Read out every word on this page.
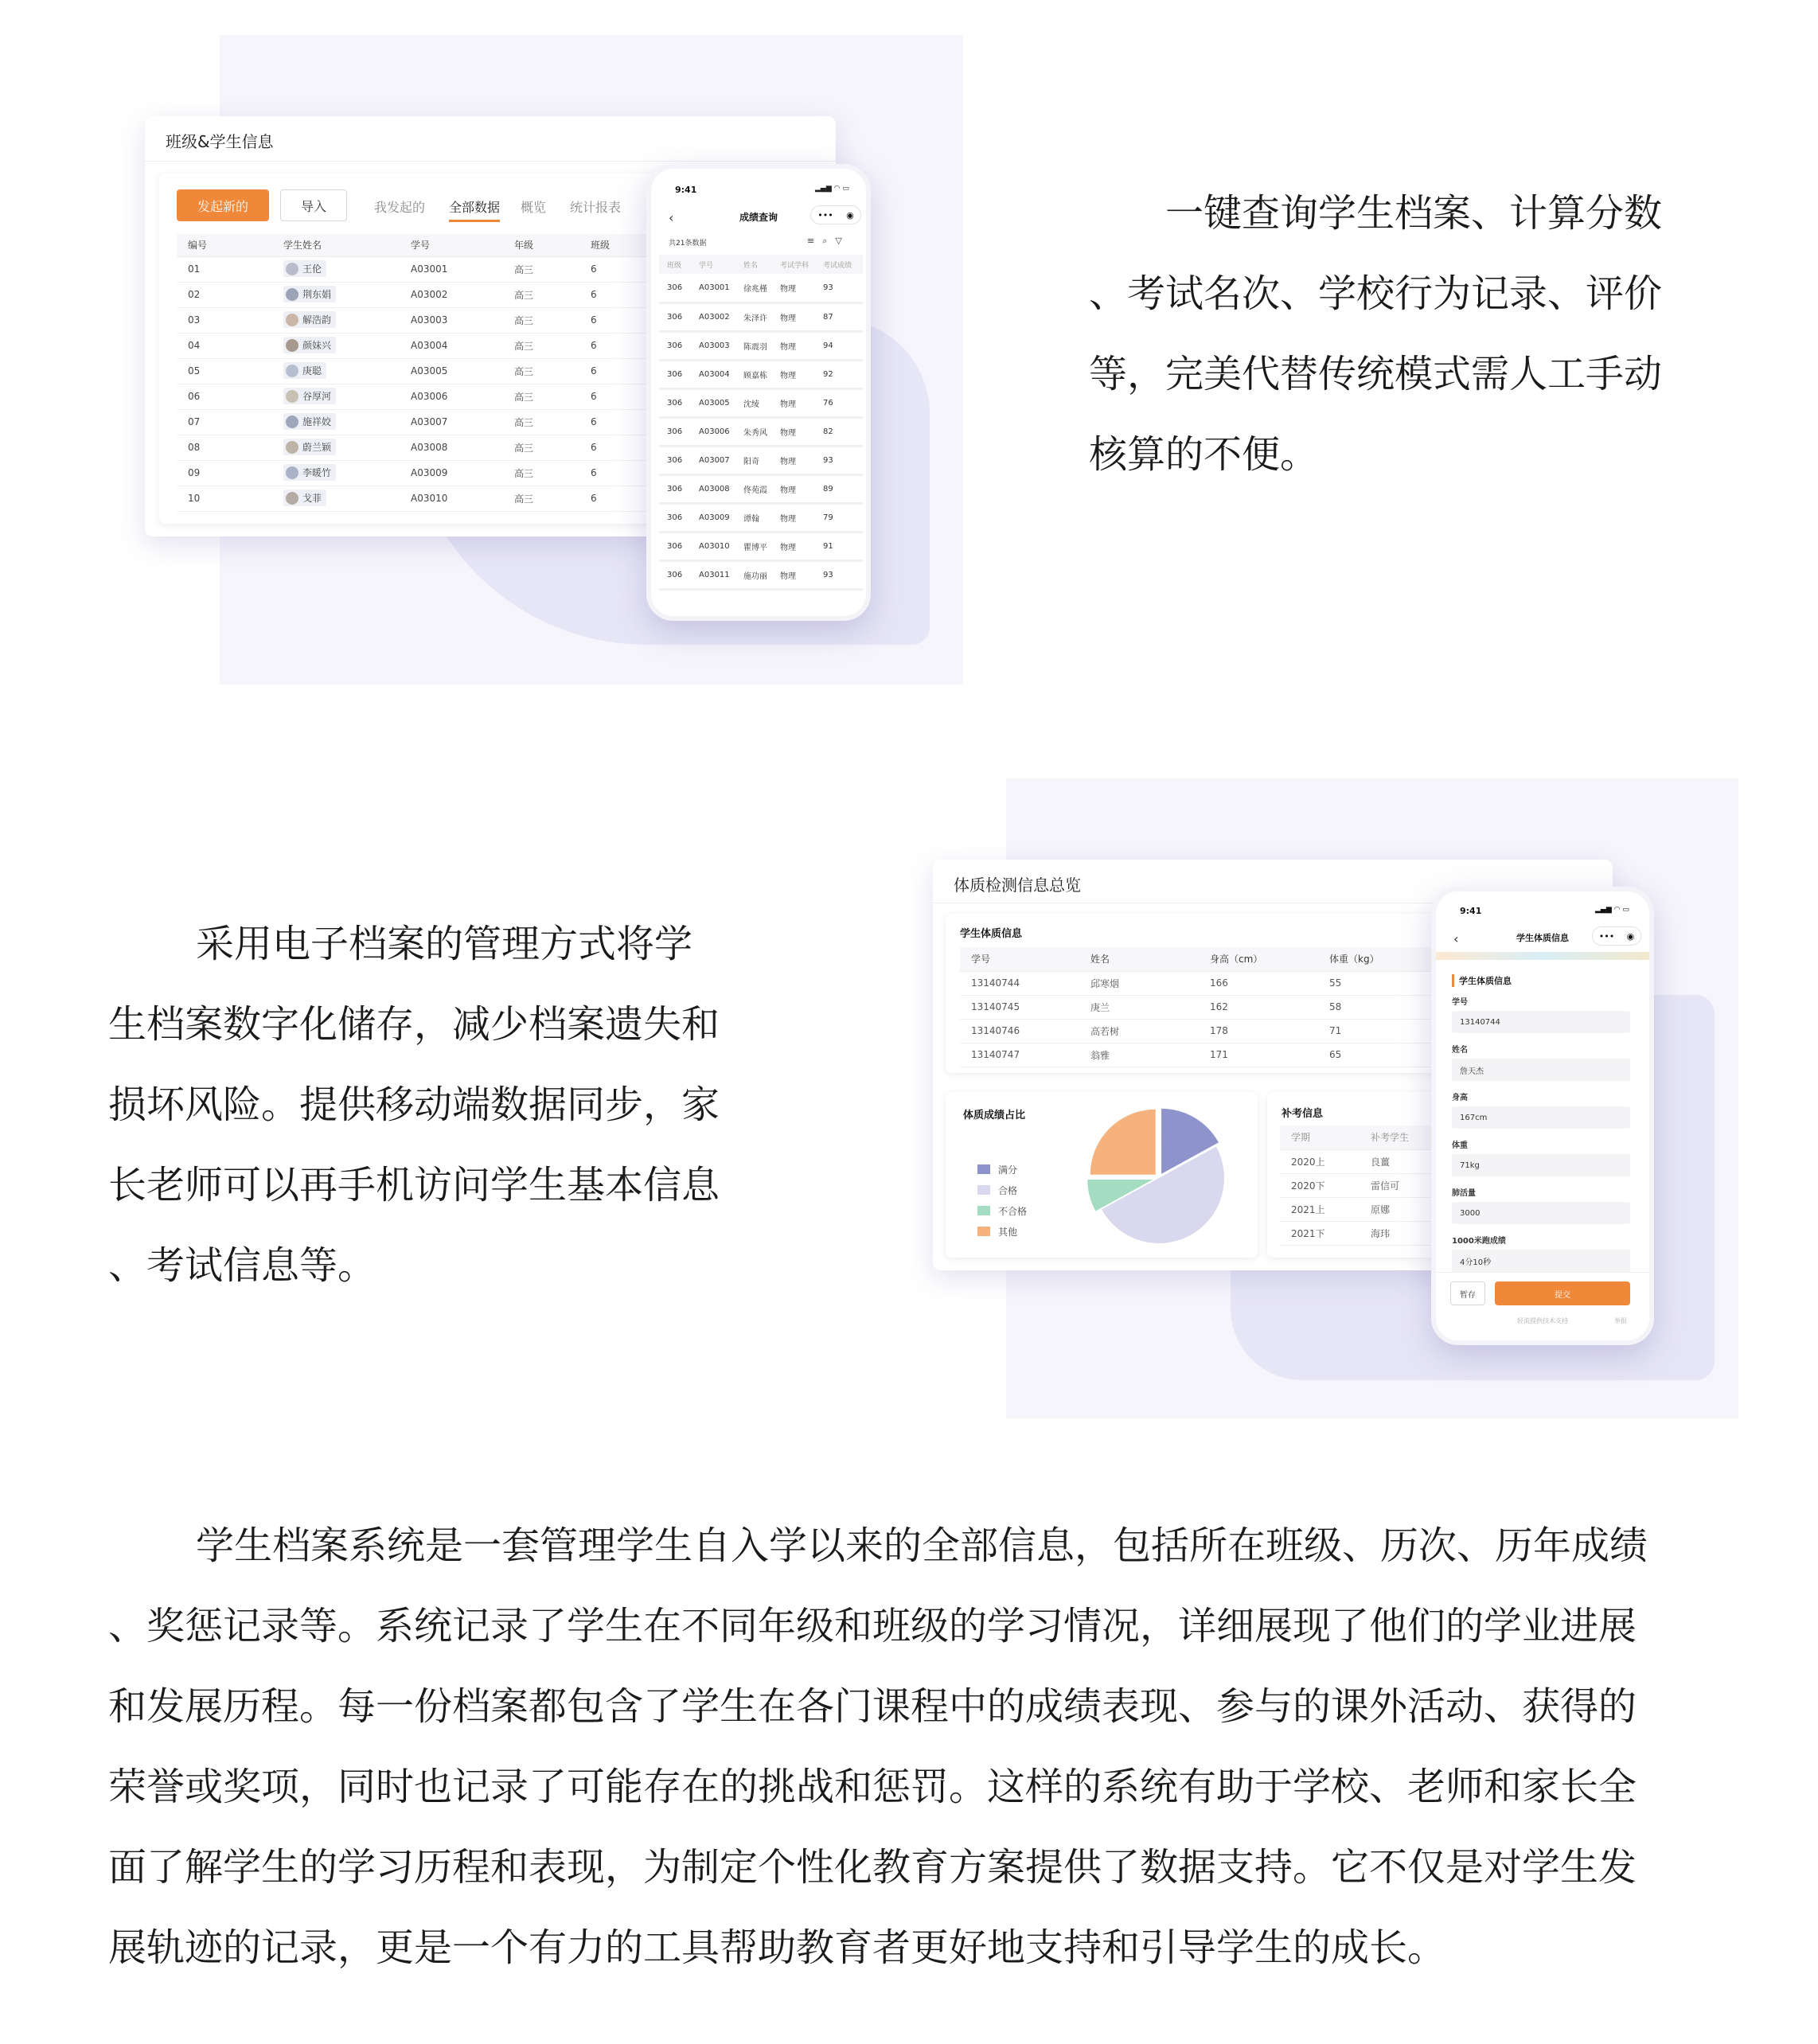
班级&学生信息
发起新的	导入	我发起的 全部数据 概览 统计报表
编号	学生姓名	学号	年级	班级
01	王伦	A03001	高三	6
02	荆东娟	A03002	高三	6
03	解浩韵	A03003	高三	6
04	颜妹兴	A03004	高三	6
05	庚聪	A03005	高三	6
06	谷厚河	A03006	高三	6
07	施祥姣	A03007	高三	6
08	蔚兰颖	A03008	高三	6
09	李暖竹	A03009	高三	6
10	戈菲	A03010	高三	6
9:41	▂▄▆ ◠ ▭
‹	成绩查询	••• ◉
共21条数据	≡ ⌕ ▽
班级	学号	姓名	考试学科	考试成绩
306	A03001	徐兆槿	物理	93
306	A03002	朱泽许	物理	87
306	A03003	陈震羽	物理	94
306	A03004	顾嘉栋	物理	92
306	A03005	沈绫	物理	76
306	A03006	朱秀风	物理	82
306	A03007	阳奇	物理	93
306	A03008	佟苑霞	物理	89
306	A03009	谭翰	物理	79
306	A03010	瞿博平	物理	91
306	A03011	施功丽	物理	93
一键查询学生档案、计算分数
、考试名次、学校行为记录、评价
等，完美代替传统模式需人工手动
核算的不便。
采用电子档案的管理方式将学
生档案数字化储存，减少档案遗失和
损坏风险。提供移动端数据同步，家
长老师可以再手机访问学生基本信息
、考试信息等。
体质检测信息总览
学生体质信息
学号	姓名	身高（cm）	体重（kg）
13140744	邱寒烟	166	55
13140745	庚兰	162	58
13140746	高若树	178	71
13140747	翁雅	171	65
体质成绩占比
满分
合格
不合格
其他
补考信息
学期	补考学生
2020上	良薑
2020下	雷信可
2021上	原娜
2021下	海玮
9:41	▂▄▆ ◠ ▭
‹	学生体质信息	••• ◉
学生体质信息
学号
13140744
姓名
詹天杰
身高
167cm
体重
71kg
肺活量
3000
1000米跑成绩
4分10秒
暂存	提交
轻流提供技术支持	举报
学生档案系统是一套管理学生自入学以来的全部信息，包括所在班级、历次、历年成绩
、奖惩记录等。系统记录了学生在不同年级和班级的学习情况，详细展现了他们的学业进展
和发展历程。每一份档案都包含了学生在各门课程中的成绩表现、参与的课外活动、获得的
荣誉或奖项，同时也记录了可能存在的挑战和惩罚。这样的系统有助于学校、老师和家长全
面了解学生的学习历程和表现，为制定个性化教育方案提供了数据支持。它不仅是对学生发
展轨迹的记录，更是一个有力的工具帮助教育者更好地支持和引导学生的成长。
